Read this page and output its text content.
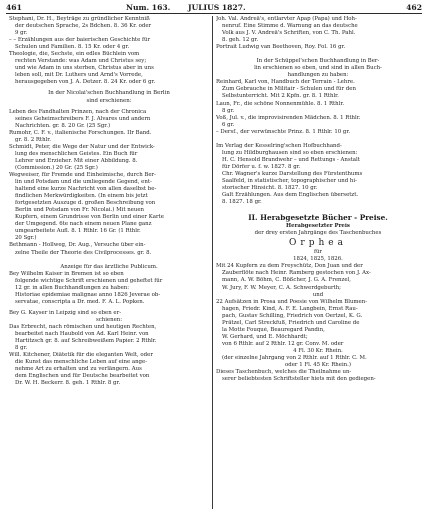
461	Num. 163. JULIUS 1827.	462

Stephani, Dr. H., Beyträge zu gründlicher Kenntniß

der deutschen Sprache, 2s Bdchen. 8. 36 Kr. oder

9 gr.

– – Erzählungen aus der baierischen Geschichte für

Schulen und Familien. 8. 15 Kr. oder 4 gr.

Theologie, die, Sechste, ein edles Büchlein vom

rechten Verstande: was Adam und Christus sey;

und wie Adam in uns sterben, Christus aber in uns

leben soll, mit Dr. Luthers und Arnd's Vorrede,

herausgegeben von J. A. Detzer. 8. 24 Kr. oder 6 gr.

In der Nicolai'schen Buchhandlung in Berlin

sind erschienen:

Leben des Fandhalten Prinzen, nach der Chronica

seines Geheimschreibers F. J. Alvares und andern

Nachrichten. gr. 8. 20 Gr. (25 Sgr.)

Rumohr, C. F. v., italienische Forschungen. IIr Band.

gr. 8. 2 Rthlr.

Schmidt, Peter, die Wege der Natur und der Entwick-

lung des menschlichen Geistes. Ein Buch für

Lehrer und Erzieher. Mit einer Abbildung. 8.

(Commission.) 20 Gr. (25 Sgr.)

Wegweiser, für Fremde und Einheimische, durch Ber-

lin und Potsdam und die umliegende Gegend, ent-

haltend eine kurze Nachricht von allen daselbst be-

findlichen Merkwürdigkeiten. (In einem bis jetzt

fortgesetzten Auszuge d. großen Beschreibung von

Berlin und Potsdam von Fr. Nicolai.) Mit neuen

Kupfern, einem Grundrisse von Berlin und einer Karte

der Umgegend. 6te nach einem neuen Plane ganz

umgearbeitete Aufl. 8. 1 Rthlr. 16 Gr. (1 Rthlr.

20 Sgr.)

Bethmann - Hollweg, Dr. Aug., Versuche über ein-

zelne Theile der Theorie des Civilprocesses. gr. 8.

Anzeige für das ärztliche Publicum.

Bey Wilhelm Kaiser in Bremen ist so eben

folgende wichtige Schrift erschienen und geheftet für

12 gr. in allen Buchhandlungen zu haben:

Historiae epidemiae malignae anno 1826 Jeverae ob-

servatae, conscripta a Dr. med. F. A. L. Popken.

Bey G. Kayser in Leipzig sind so eben er-

schienen:

Das Erbrecht, nach römischen und heutigen Rechten,

bearbeitet nach Haubold von Ad. Karl Heinr. von

Hartitzsch gr. 8. auf Schreibweißem Papier. 2 Rthlr.

8 gr.

Will. Kitchener, Diätetik für die eleganten Welt, oder

die Kunst das menschliche Leben auf eine ange-

nehme Art zu erhalten und zu verlängern. Aus

dem Englischen und für Deutsche bearbeitet von

Dr. W. H. Beckerr. 8. geh. 1 Rthlr. 8 gr.

Joh. Val. Andreä's, entlarvter Apap (Papa) und Hoh-

nenruf. Eine Stimme d. Warnung an das deutsche

Volk aus J. V. Andreä's Schriften, von C. Th. Pahl.

8. geh. 12 gr.

Portrait Ludwig van Beethoven, Roy. Fol. 16 gr.

In der Schüppel'schen Buchhandlung in Ber-

lin erschienen so eben, und sind in allen Buch-

handlungen zu haben:

Reinhard, Karl von, Handbuch der Terrain - Lehre.

Zum Gebrauche in Militair - Schulen und für den

Selbstunterricht. Mit 2 Kpfn. gr. 8. 1 Rthlr.

Laun, Fr., die schöne Nonnenmühle. 8. 1 Rthlr.

8 gr.

Voß, Jul. v., die improvisirenden Mädchen. 8. 1 Rthlr.

6 gr.

– Dersf., der verwünschte Prinz. 8. 1 Rthlr. 10 gr.

Im Verlag der Kesselring'schen Hofbuchhand-

lung zu Hildburghausen sind so eben erschienen:

H. C. Hensold Brandwehr – und Rettungs - Anstalt

für Dörfer u. f. w. 1827. 8 gr.

Chr. Wagner's kurze Darstellung des Fürstenthums

Saalfeld, in statistischer, topographischer und hi-

storischer Hinsicht. 8. 1827. 10 gr.

Galt Erzählungen. Aus dem Englischen übersetzt.

8. 1827. 18 gr.

II. Herabgesetzte Bücher - Preise.

Herabgesetzter Preis

der drey ersten Jahrgänge des Taschenbuches

Orphea

für

1824, 1825, 1826.

Mit 24 Kupfern zu dem Freyschütz, Don Juan und der

Zauberflöte nach Heinr. Ramberg gestochen von J. Ax-

mann, A. W. Böhm, C. Bößcher, J. G. A. Frenzel,

W. Jury, F. W. Meyer, C. A. Schwerdgeburth;

und

22 Aufsätzen in Prosa und Poesie von Wilhelm Blumen-

hagen, Friedr. Kind, A. F. E. Langbein, Ernst Rau-

pach, Gustav Schilling, Friedrich von Oertzel, K. G.

Prätzel, Carl Streckfuß, Friedrich und Caroline de

la Motte Fouqué, Beauregard Pandin,

W. Gerhard, und E. Möchhardt;

von 6 Rthlr. auf 2 Rthlr. 12 gr. Conv. M. oder

4 Fl. 30 Kr. Rhein.

(der einzelne Jahrgang von 2 Rthlr. auf 1 Rthlr. C. M.

oder 1 Fl. 45 Kr. Rhein.)

Dieses Taschenbuch, welches die Theilnahme un-

serer beliebtesten Schriftsteller hiets mit den gediegen-
